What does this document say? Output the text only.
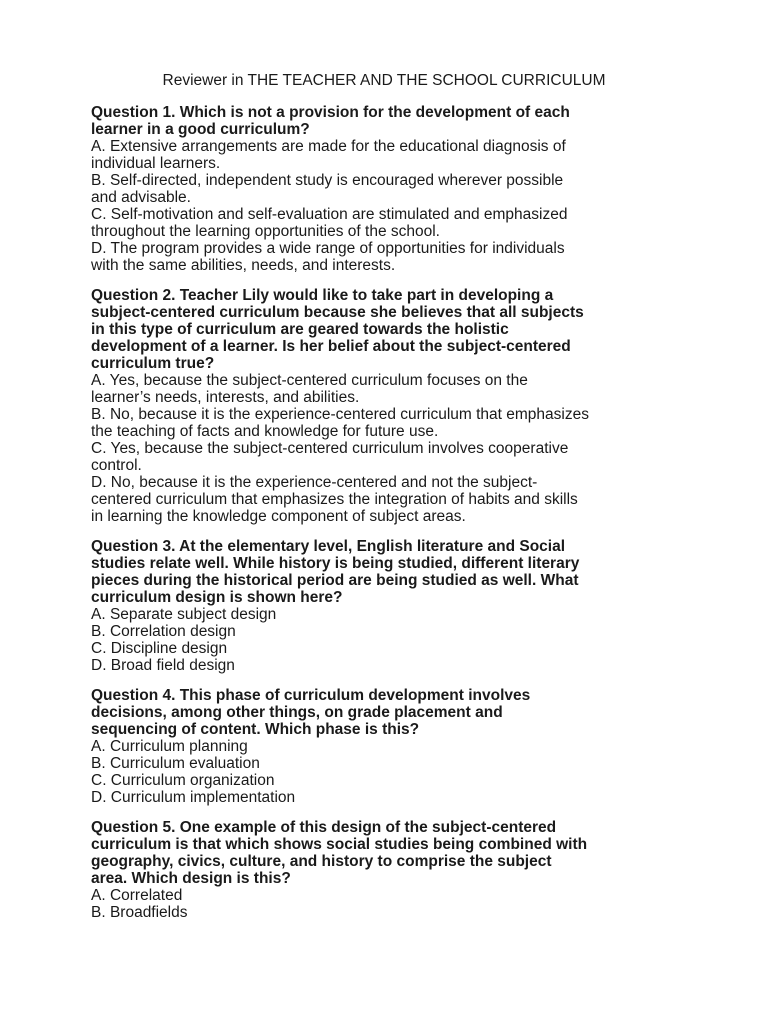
Reviewer in THE TEACHER AND THE SCHOOL CURRICULUM

Question 1. Which is not a provision for the development of each
learner in a good curriculum?

A. Extensive arrangements are made for the educational diagnosis of
individual learners.

B. Self-directed, independent study is encouraged wherever possible
and advisable.

C. Self-motivation and self-evaluation are stimulated and emphasized
throughout the learning opportunities of the school.

D. The program provides a wide range of opportunities for individuals
with the same abilities, needs, and interests.

Question 2. Teacher Lily would like to take part in developing a
subject-centered curriculum because she believes that all subjects
in this type of curriculum are geared towards the holistic
development of a learner. Is her belief about the subject-centered
curriculum true?

A. Yes, because the subject-centered curriculum focuses on the
learner’s needs, interests, and abilities.

B. No, because it is the experience-centered curriculum that emphasizes
the teaching of facts and knowledge for future use.

C. Yes, because the subject-centered curriculum involves cooperative
control.

D. No, because it is the experience-centered and not the subject-
centered curriculum that emphasizes the integration of habits and skills
in learning the knowledge component of subject areas.

Question 3. At the elementary level, English literature and Social
studies relate well. While history is being studied, different literary
pieces during the historical period are being studied as well. What
curriculum design is shown here?

A. Separate subject design

B. Correlation design

C. Discipline design

D. Broad field design

Question 4. This phase of curriculum development involves
decisions, among other things, on grade placement and
sequencing of content. Which phase is this?

A. Curriculum planning

B. Curriculum evaluation

C. Curriculum organization

D. Curriculum implementation

Question 5. One example of this design of the subject-centered
curriculum is that which shows social studies being combined with
geography, civics, culture, and history to comprise the subject
area. Which design is this?

A. Correlated

B. Broadfields
